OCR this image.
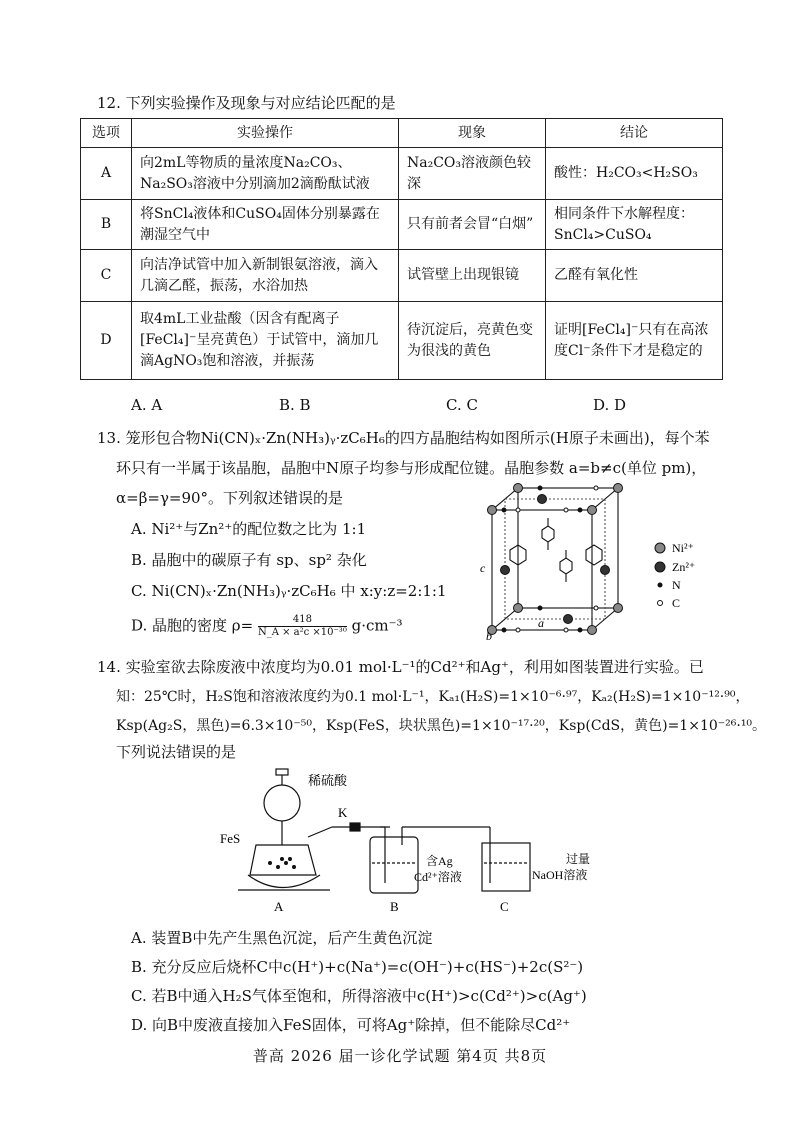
12. 下列实验操作及现象与对应结论匹配的是
选项	实验操作	现象	结论
A	向2mL等物质的量浓度Na₂CO₃、Na₂SO₃溶液中分别滴加2滴酚酞试液	Na₂CO₃溶液颜色较深	酸性：H₂CO₃<H₂SO₃
B	将SnCl₄液体和CuSO₄固体分别暴露在潮湿空气中	只有前者会冒“白烟”	相同条件下水解程度：SnCl₄>CuSO₄
C	向洁净试管中加入新制银氨溶液，滴入几滴乙醛，振荡，水浴加热	试管壁上出现银镜	乙醛有氧化性
D	取4mL工业盐酸（因含有配离子[FeCl₄]⁻呈亮黄色）于试管中，滴加几滴AgNO₃饱和溶液，并振荡	待沉淀后，亮黄色变为很浅的黄色	证明[FeCl₄]⁻只有在高浓度Cl⁻条件下才是稳定的
A. A	B. B	C. C	D. D
13. 笼形包合物Ni(CN)ₓ·Zn(NH₃)ᵧ·zC₆H₆的四方晶胞结构如图所示(H原子未画出)，每个苯
环只有一半属于该晶胞，晶胞中N原子均参与形成配位键。晶胞参数 a=b≠c(单位 pm)，
α=β=γ=90°。下列叙述错误的是
A. Ni²⁺与Zn²⁺的配位数之比为 1:1
B. 晶胞中的碳原子有 sp、sp² 杂化
C. Ni(CN)ₓ·Zn(NH₃)ᵧ·zC₆H₆ 中 x:y:z=2:1:1
D. 晶胞的密度 $\rho= \frac{418}{\text{N\_A × a²c ×10⁻³⁰}} g\cdot cm^{-3}$
c
a
b
Ni²⁺
Zn²⁺
N
C
14. 实验室欲去除废液中浓度均为0.01 mol·L⁻¹的Cd²⁺和Ag⁺，利用如图装置进行实验。已
知：25℃时，H₂S饱和溶液浓度约为0.1 mol·L⁻¹，Kₐ₁(H₂S)=1×10⁻⁶·⁹⁷，Kₐ₂(H₂S)=1×10⁻¹²·⁹⁰，
Ksp(Ag₂S，黑色)=6.3×10⁻⁵⁰，Ksp(FeS，块状黑色)=1×10⁻¹⁷·²⁰，Ksp(CdS，黄色)=1×10⁻²⁶·¹⁰。
下列说法错误的是
稀硫酸
K
FeS
含Ag
Cd²⁺溶液
过量
NaOH溶液
A	B	C
A. 装置B中先产生黑色沉淀，后产生黄色沉淀
B. 充分反应后烧杯C中c(H⁺)+c(Na⁺)=c(OH⁻)+c(HS⁻)+2c(S²⁻)
C. 若B中通入H₂S气体至饱和，所得溶液中c(H⁺)>c(Cd²⁺)>c(Ag⁺)
D. 向B中废液直接加入FeS固体，可将Ag⁺除掉，但不能除尽Cd²⁺
普高 2026 届一诊化学试题 第4页 共8页
